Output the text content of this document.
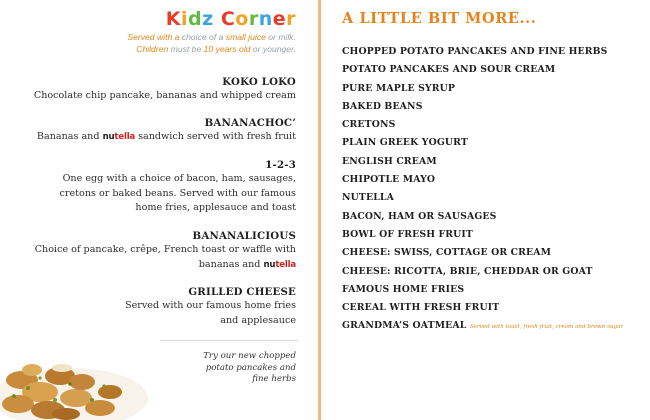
Kidz Corner
Served with a choice of a small juice or milk.
Children must be 10 years old or younger.
KOKO LOKO
Chocolate chip pancake, bananas and whipped cream
BANANACHOC’
Bananas and nutella sandwich served with fresh fruit
1-2-3
One egg with a choice of bacon, ham, sausages,
cretons or baked beans. Served with our famous
home fries, applesauce and toast
BANANALICIOUS
Choice of pancake, crêpe, French toast or waffle with
bananas and nutella
GRILLED CHEESE
Served with our famous home fries
and applesauce
Try our new chopped
potato pancakes and
fine herbs
A LITTLE BIT MORE...
CHOPPED POTATO PANCAKES AND FINE HERBS
POTATO PANCAKES AND SOUR CREAM
PURE MAPLE SYRUP
BAKED BEANS
CRETONS
PLAIN GREEK YOGURT
ENGLISH CREAM
CHIPOTLE MAYO
NUTELLA
BACON, HAM OR SAUSAGES
BOWL OF FRESH FRUIT
CHEESE: SWISS, COTTAGE OR CREAM
CHEESE: RICOTTA, BRIE, CHEDDAR OR GOAT
FAMOUS HOME FRIES
CEREAL WITH FRESH FRUIT
GRANDMA’S OATMEAL Served with toast, fresh fruit, cream and brown sugar
